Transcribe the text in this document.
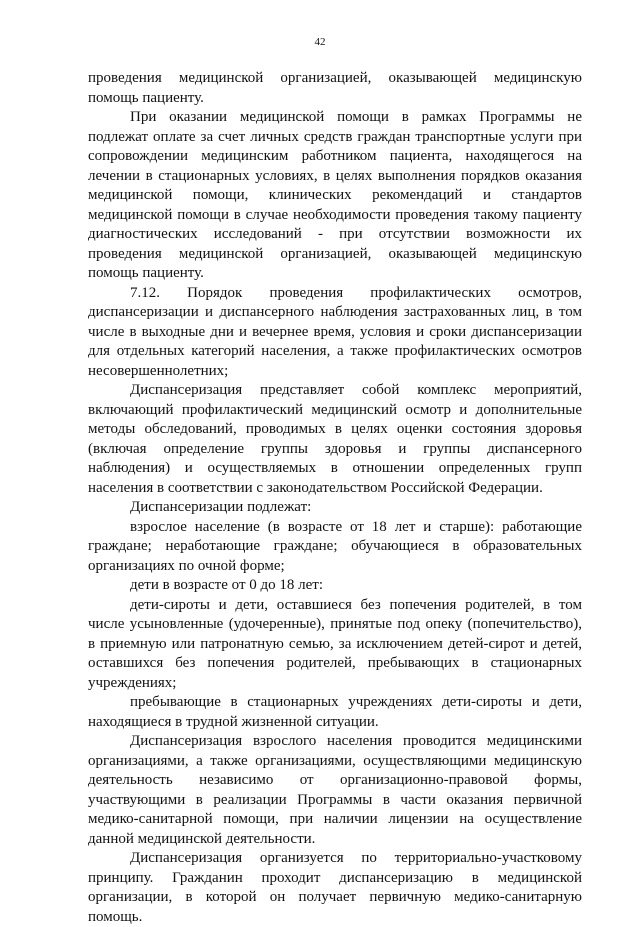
42

проведения медицинской организацией, оказывающей медицинскую помощь пациенту.

При оказании медицинской помощи в рамках Программы не подлежат оплате за счет личных средств граждан транспортные услуги при сопровождении медицинским работником пациента, находящегося на лечении в стационарных условиях, в целях выполнения порядков оказания медицинской помощи, клинических рекомендаций и стандартов медицинской помощи в случае необходимости проведения такому пациенту диагностических исследований - при отсутствии возможности их проведения медицинской организацией, оказывающей медицинскую помощь пациенту.

7.12. Порядок проведения профилактических осмотров, диспансеризации и диспансерного наблюдения застрахованных лиц, в том числе в выходные дни и вечернее время, условия и сроки диспансеризации для отдельных категорий населения, а также профилактических осмотров несовершеннолетних;

Диспансеризация представляет собой комплекс мероприятий, включающий профилактический медицинский осмотр и дополнительные методы обследований, проводимых в целях оценки состояния здоровья (включая определение группы здоровья и группы диспансерного наблюдения) и осуществляемых в отношении определенных групп населения в соответствии с законодательством Российской Федерации.

Диспансеризации подлежат:

взрослое население (в возрасте от 18 лет и старше): работающие граждане; неработающие граждане; обучающиеся в образовательных организациях по очной форме;

дети в возрасте от 0 до 18 лет:

дети-сироты и дети, оставшиеся без попечения родителей, в том числе усыновленные (удочеренные), принятые под опеку (попечительство), в приемную или патронатную семью, за исключением детей-сирот и детей, оставшихся без попечения родителей, пребывающих в стационарных учреждениях;

пребывающие в стационарных учреждениях дети-сироты и дети, находящиеся в трудной жизненной ситуации.

Диспансеризация взрослого населения проводится медицинскими организациями, а также организациями, осуществляющими медицинскую деятельность независимо от организационно-правовой формы, участвующими в реализации Программы в части оказания первичной медико-санитарной помощи, при наличии лицензии на осуществление данной медицинской деятельности.

Диспансеризация организуется по территориально-участковому принципу. Гражданин проходит диспансеризацию в медицинской организации, в которой он получает первичную медико-санитарную помощь.
